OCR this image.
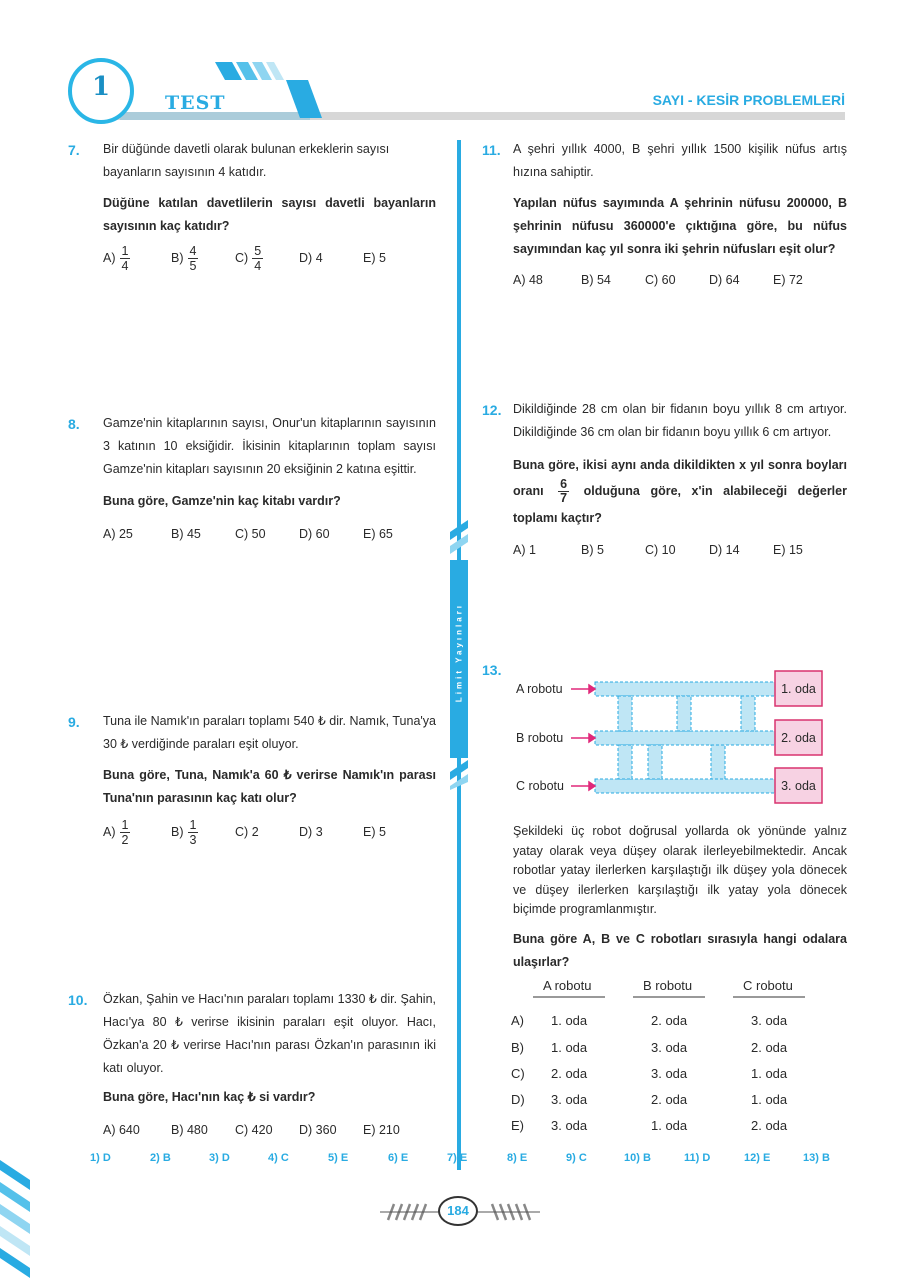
1
TEST	SAYI - KESİR PROBLEMLERİ
Limit Yayınları
7. Bir düğünde davetli olarak bulunan erkeklerin sayısı bayanların sayısının 4 katıdır.
Düğüne katılan davetlilerin sayısı davetli bayanların sayısının kaç katıdır?
$A) \frac{1}{4}$	$B) \frac{4}{5}$	$C) \frac{5}{4}$	D)
4	E)
5
8. Gamze'nin kitaplarının sayısı, Onur'un kitaplarının sayısının 3 katının 10 eksiğidir. İkisinin kitaplarının toplam sayısı Gamze'nin kitapları sayısının 20 eksiğinin 2 katına eşittir.
Buna göre, Gamze'nin kaç kitabı vardır?
A) 25	B) 45	C) 50	D) 60	E) 65
9. Tuna ile Namık'ın paraları toplamı 540 ₺ dir. Namık, Tuna'ya 30 ₺ verdiğinde paraları eşit oluyor.
Buna göre, Tuna, Namık'a 60 ₺ verirse Namık'ın parası Tuna'nın parasının kaç katı olur?
$A) \frac{1}{2}$	$B) \frac{1}{3}$	C)
2	D)
3	E)
5
10. Özkan, Şahin ve Hacı'nın paraları toplamı 1330 ₺ dir. Şahin, Hacı'ya 80 ₺ verirse ikisinin paraları eşit oluyor. Hacı, Özkan'a 20 ₺ verirse Hacı'nın parası Özkan'ın parasının iki katı oluyor.
Buna göre, Hacı'nın kaç ₺ si vardır?
A) 640 B) 480 C) 420 D) 360 E) 210
11. A şehri yıllık 4000, B şehri yıllık 1500 kişilik nüfus artış hızına sahiptir.
Yapılan nüfus sayımında A şehrinin nüfusu 200000, B şehrinin nüfusu 360000'e çıktığına göre, bu nüfus sayımından kaç yıl sonra iki şehrin nüfusları eşit olur?
A) 48	B) 54	C) 60	D) 64	E) 72
12. Dikildiğinde 28 cm olan bir fidanın boyu yıllık 8 cm artıyor. Dikildiğinde 36 cm olan bir fidanın boyu yıllık 6 cm artıyor.
Buna göre, ikisi aynı anda dikildikten x yıl sonra boyları oranı $\frac{6}{7}$ olduğuna göre, x'in alabileceği değerler toplamı kaçtır?
A) 1	B) 5	C) 10	D) 14	E) 15
13.
A robotu
B robotu
C robotu
1. oda
2. oda
3. oda
Şekildeki üç robot doğrusal yollarda ok yönünde yalnız yatay olarak veya düşey olarak ilerleyebilmektedir. Ancak robotlar yatay ilerlerken karşılaştığı ilk düşey yola dönecek ve düşey ilerlerken karşılaştığı ilk yatay yola dönecek biçimde programlanmıştır.
Buna göre A, B ve C robotları sırasıyla hangi odalara ulaşırlar?
A robotu	B robotu	C robotu
A) 1. oda	2. oda	3. oda
B) 1. oda	3. oda	2. oda
C) 2. oda	3. oda	1. oda
D) 3. oda	2. oda	1. oda
E) 3. oda	1. oda	2. oda
1) D	2) B	3) D	4) C	5) E	6) E	7) E	8) E	9) C	10) B	11) D	12) E	13) B
184
